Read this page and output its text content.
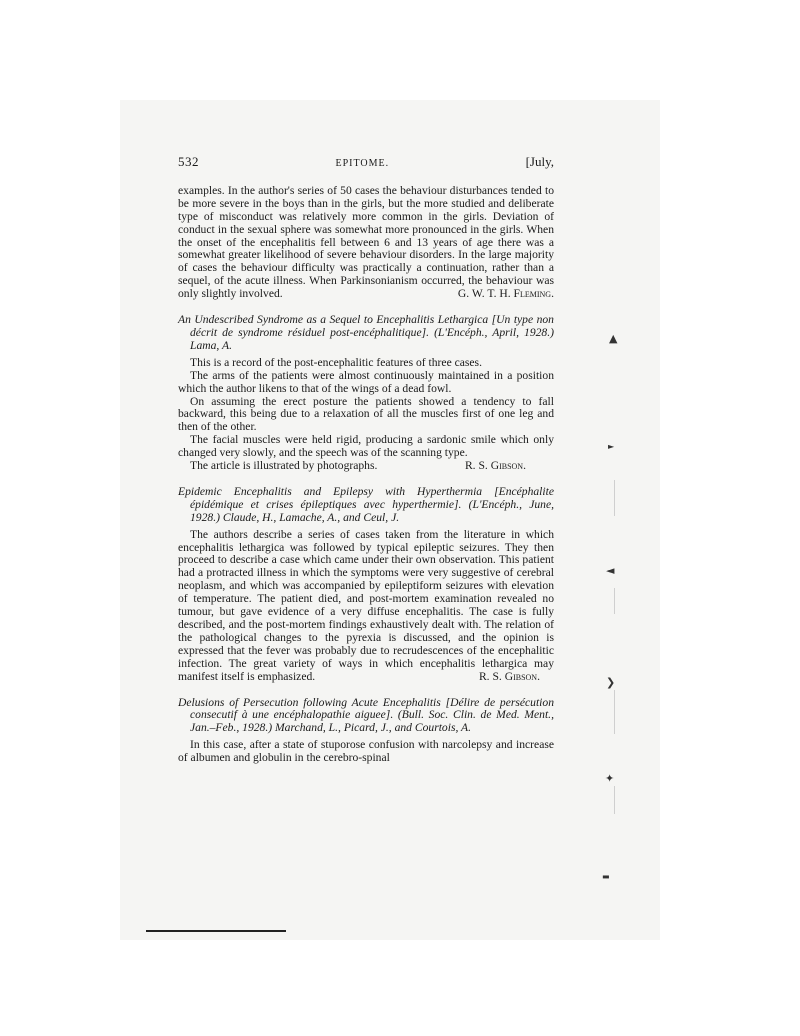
532	EPITOME.	[July,

examples. In the author's series of 50 cases the behaviour disturbances tended to be more severe in the boys than in the girls, but the more studied and deliberate type of misconduct was relatively more common in the girls. Deviation of conduct in the sexual sphere was somewhat more pronounced in the girls. When the onset of the encephalitis fell between 6 and 13 years of age there was a somewhat greater likelihood of severe behaviour disorders. In the large majority of cases the behaviour difficulty was practically a continuation, rather than a sequel, of the acute illness. When Parkinsonianism occurred, the behaviour was only slightly involved.	G. W. T. H. Fleming.

An Undescribed Syndrome as a Sequel to Encephalitis Lethargica [Un type non décrit de syndrome résiduel post-encéphalitique]. (L'Encéph., April, 1928.) Lama, A.

This is a record of the post-encephalitic features of three cases.

The arms of the patients were almost continuously maintained in a position which the author likens to that of the wings of a dead fowl.

On assuming the erect posture the patients showed a tendency to fall backward, this being due to a relaxation of all the muscles first of one leg and then of the other.

The facial muscles were held rigid, producing a sardonic smile which only changed very slowly, and the speech was of the scanning type.

The article is illustrated by photographs.	R. S. Gibson.

Epidemic Encephalitis and Epilepsy with Hyperthermia [Encéphalite épidémique et crises épileptiques avec hyperthermie]. (L'Encéph., June, 1928.) Claude, H., Lamache, A., and Ceul, J.

The authors describe a series of cases taken from the literature in which encephalitis lethargica was followed by typical epileptic seizures. They then proceed to describe a case which came under their own observation. This patient had a protracted illness in which the symptoms were very suggestive of cerebral neoplasm, and which was accompanied by epileptiform seizures with elevation of temperature. The patient died, and post-mortem examination revealed no tumour, but gave evidence of a very diffuse encephalitis. The case is fully described, and the post-mortem findings exhaustively dealt with. The relation of the pathological changes to the pyrexia is discussed, and the opinion is expressed that the fever was probably due to recrudescences of the encephalitic infection. The great variety of ways in which encephalitis lethargica may manifest itself is emphasized.	R. S. Gibson.

Delusions of Persecution following Acute Encephalitis [Délire de persécution consecutif à une encéphalopathie aiguee]. (Bull. Soc. Clin. de Med. Ment., Jan.–Feb., 1928.) Marchand, L., Picard, J., and Courtois, A.

In this case, after a state of stuporose confusion with narcolepsy and increase of albumen and globulin in the cerebro-spinal

▲
►
◄
❯
✦
▬
